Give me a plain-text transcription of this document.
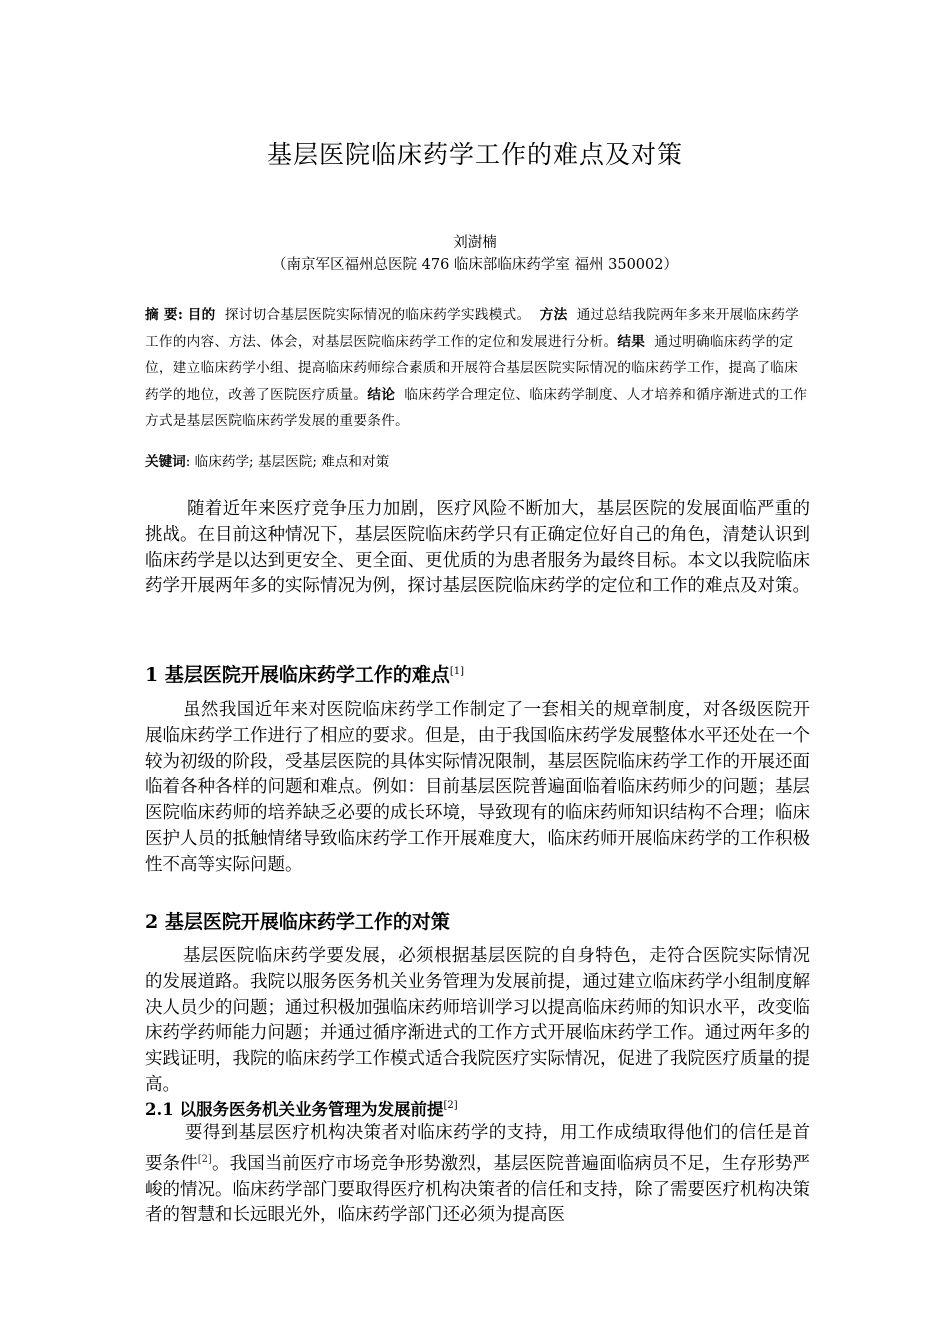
基层医院临床药学工作的难点及对策
刘澍楠
（南京军区福州总医院 476 临床部临床药学室 福州 350002）
摘 要: 目的 探讨切合基层医院实际情况的临床药学实践模式。 方法 通过总结我院两年多来开展临床药学工作的内容、方法、体会，对基层医院临床药学工作的定位和发展进行分析。结果 通过明确临床药学的定位，建立临床药学小组、提高临床药师综合素质和开展符合基层医院实际情况的临床药学工作，提高了临床药学的地位，改善了医院医疗质量。结论 临床药学合理定位、临床药学制度、人才培养和循序渐进式的工作方式是基层医院临床药学发展的重要条件。
关键词: 临床药学; 基层医院; 难点和对策
随着近年来医疗竞争压力加剧，医疗风险不断加大，基层医院的发展面临严重的挑战。在目前这种情况下，基层医院临床药学只有正确定位好自己的角色，清楚认识到临床药学是以达到更安全、更全面、更优质的为患者服务为最终目标。本文以我院临床药学开展两年多的实际情况为例，探讨基层医院临床药学的定位和工作的难点及对策。
1 基层医院开展临床药学工作的难点[1]
虽然我国近年来对医院临床药学工作制定了一套相关的规章制度，对各级医院开展临床药学工作进行了相应的要求。但是，由于我国临床药学发展整体水平还处在一个较为初级的阶段，受基层医院的具体实际情况限制，基层医院临床药学工作的开展还面临着各种各样的问题和难点。例如：目前基层医院普遍面临着临床药师少的问题；基层医院临床药师的培养缺乏必要的成长环境，导致现有的临床药师知识结构不合理；临床医护人员的抵触情绪导致临床药学工作开展难度大，临床药师开展临床药学的工作积极性不高等实际问题。
2 基层医院开展临床药学工作的对策
基层医院临床药学要发展，必须根据基层医院的自身特色，走符合医院实际情况的发展道路。我院以服务医务机关业务管理为发展前提，通过建立临床药学小组制度解决人员少的问题；通过积极加强临床药师培训学习以提高临床药师的知识水平，改变临床药学药师能力问题；并通过循序渐进式的工作方式开展临床药学工作。通过两年多的实践证明，我院的临床药学工作模式适合我院医疗实际情况，促进了我院医疗质量的提高。
2.1 以服务医务机关业务管理为发展前提[2]
要得到基层医疗机构决策者对临床药学的支持，用工作成绩取得他们的信任是首要条件[2]。我国当前医疗市场竞争形势激烈，基层医院普遍面临病员不足，生存形势严峻的情况。临床药学部门要取得医疗机构决策者的信任和支持，除了需要医疗机构决策者的智慧和长远眼光外，临床药学部门还必须为提高医
